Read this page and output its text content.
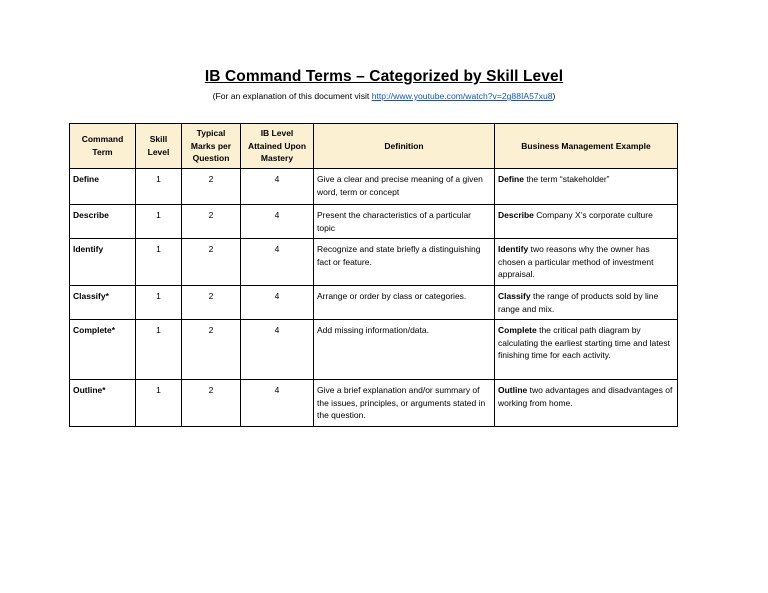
IB Command Terms – Categorized by Skill Level
(For an explanation of this document visit http://www.youtube.com/watch?v=2g88IA57xu8)
Command Term	Skill Level	Typical Marks per Question	IB Level Attained Upon Mastery	Definition	Business Management Example
Define	1	2	4	Give a clear and precise meaning of a given word, term or concept	Define the term “stakeholder”
Describe	1	2	4	Present the characteristics of a particular topic	Describe Company X’s corporate culture
Identify	1	2	4	Recognize and state briefly a distinguishing fact or feature.	Identify two reasons why the owner has chosen a particular method of investment appraisal.
Classify*	1	2	4	Arrange or order by class or categories.	Classify the range of products sold by line range and mix.
Complete*	1	2	4	Add missing information/data.	Complete the critical path diagram by calculating the earliest starting time and latest finishing time for each activity.
Outline*	1	2	4	Give a brief explanation and/or summary of the issues, principles, or arguments stated in the question.	Outline two advantages and disadvantages of working from home.
